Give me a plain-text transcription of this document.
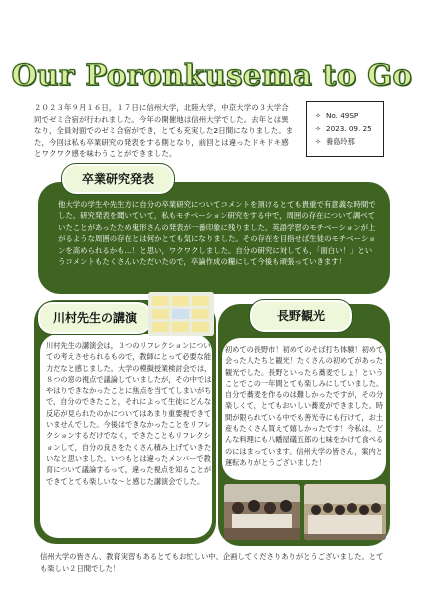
Our Poronkusema to Go
２０２３年９月１６日，１７日に信州大学，北陸大学，中京大学の３大学合同でゼミ合宿が行われました。今年の開催地は信州大学でした。去年とは異なり，全員対面でのゼミ合宿ができ，とても充実した2日間になりました。また，今回は私も卒業研究の発表をする側となり，前回とは違ったドキドキ感とワクワク感を味わうことができました。
✧ No. 49SP
✧ 2023. 09. 25
✧ 養島玲那
他大学の学生や先生方に自分の卒業研究についてコメントを頂けるとても貴重で有意義な時間でした。研究発表を聞いていて，私もモチベーション研究をする中で，周囲の存在について調べていたことがあったため鬼形さんの発表が一番印象に残りました。英語学習のモチベーションが上がるような周囲の存在とは何かとても気になりました。その存在を目指せば生徒のモチベーションを高められるかも…！と思い，ワクワクしました。自分の研究に対しても，「面白い！」というコメントもたくさんいただいたので，卒論作成の糧にして今後も頑張っていきます！
卒業研究発表
川村先生の講演
川村先生の講演会は，３つのリフレクションについての考えさせられるもので，教師にとって必要な能力だなと感じました。大学の模擬授業検討会では，８つの窓の視点で議論していましたが，その中ではやはりできなかったことに焦点を当ててしまいがちで，自分のできたこと，それによって生徒にどんな反応が見られたのかについてはあまり重要視できていませんでした。今後はできなかったことをリフレクションするだけでなく，できたこともリフレクションして，自分の良さをたくさん積み上げていきたいなと思いました。いつもとは違ったメンバーで教育について議論するって，違った視点を知ることができてとても楽しいな～と感じた講演会でした。
長野観光
初めての長野市！初めてのそば打ち体験！初めて会った人たちと観光！たくさんの初めてがあった観光でした。長野といったら蕎麦でしょ！ということでこの一年間とても楽しみにしていました。自分で蕎麦を作るのは難しかったですが，その分楽しくて，とてもおいしい蕎麦ができました。時間が限られている中でも善光寺にも行けて，お土産もたくさん買えて嬉しかったです！今私は，どんな料理にも八幡屋礒五郎の七味をかけて食べるのにはまっています。信州大学の皆さん，案内と運転ありがとうございました！
信州大学の皆さん、教育実習もあるとてもお忙しい中、企画してくださりありがとうございました。とても楽しい２日間でした！
